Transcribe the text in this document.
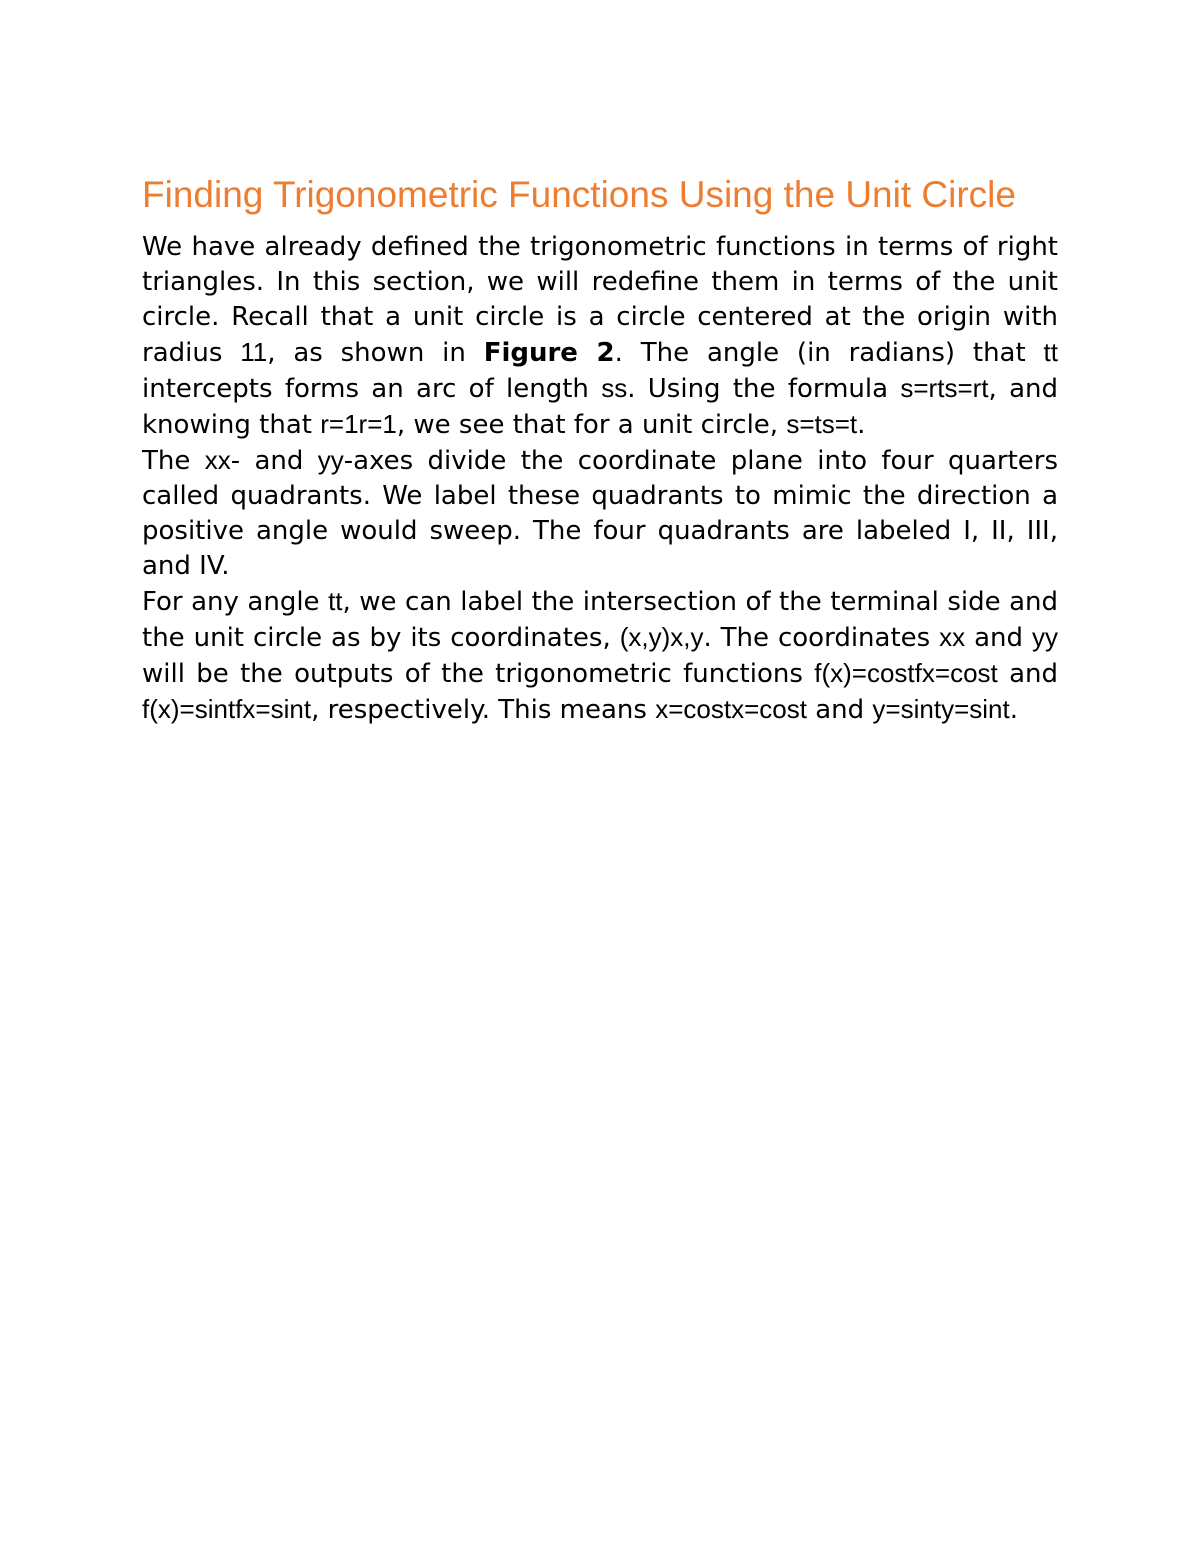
Finding Trigonometric Functions Using the Unit Circle

We have already defined the trigonometric functions in terms of right triangles. In this section, we will redefine them in terms of the unit circle. Recall that a unit circle is a circle centered at the origin with radius 11, as shown in Figure 2. The angle (in radians) that tt intercepts forms an arc of length ss. Using the formula s=rts=rt, and knowing that r=1r=1, we see that for a unit circle, s=ts=t.

The xx- and yy-axes divide the coordinate plane into four quarters called quadrants. We label these quadrants to mimic the direction a positive angle would sweep. The four quadrants are labeled I, II, III, and IV.

For any angle tt, we can label the intersection of the terminal side and the unit circle as by its coordinates, (x,y)x,y. The coordinates xx and yy will be the outputs of the trigonometric functions f(x)=costfx=cost and f(x)=sintfx=sint, respectively. This means x=costx=cost and y=sinty=sint.
